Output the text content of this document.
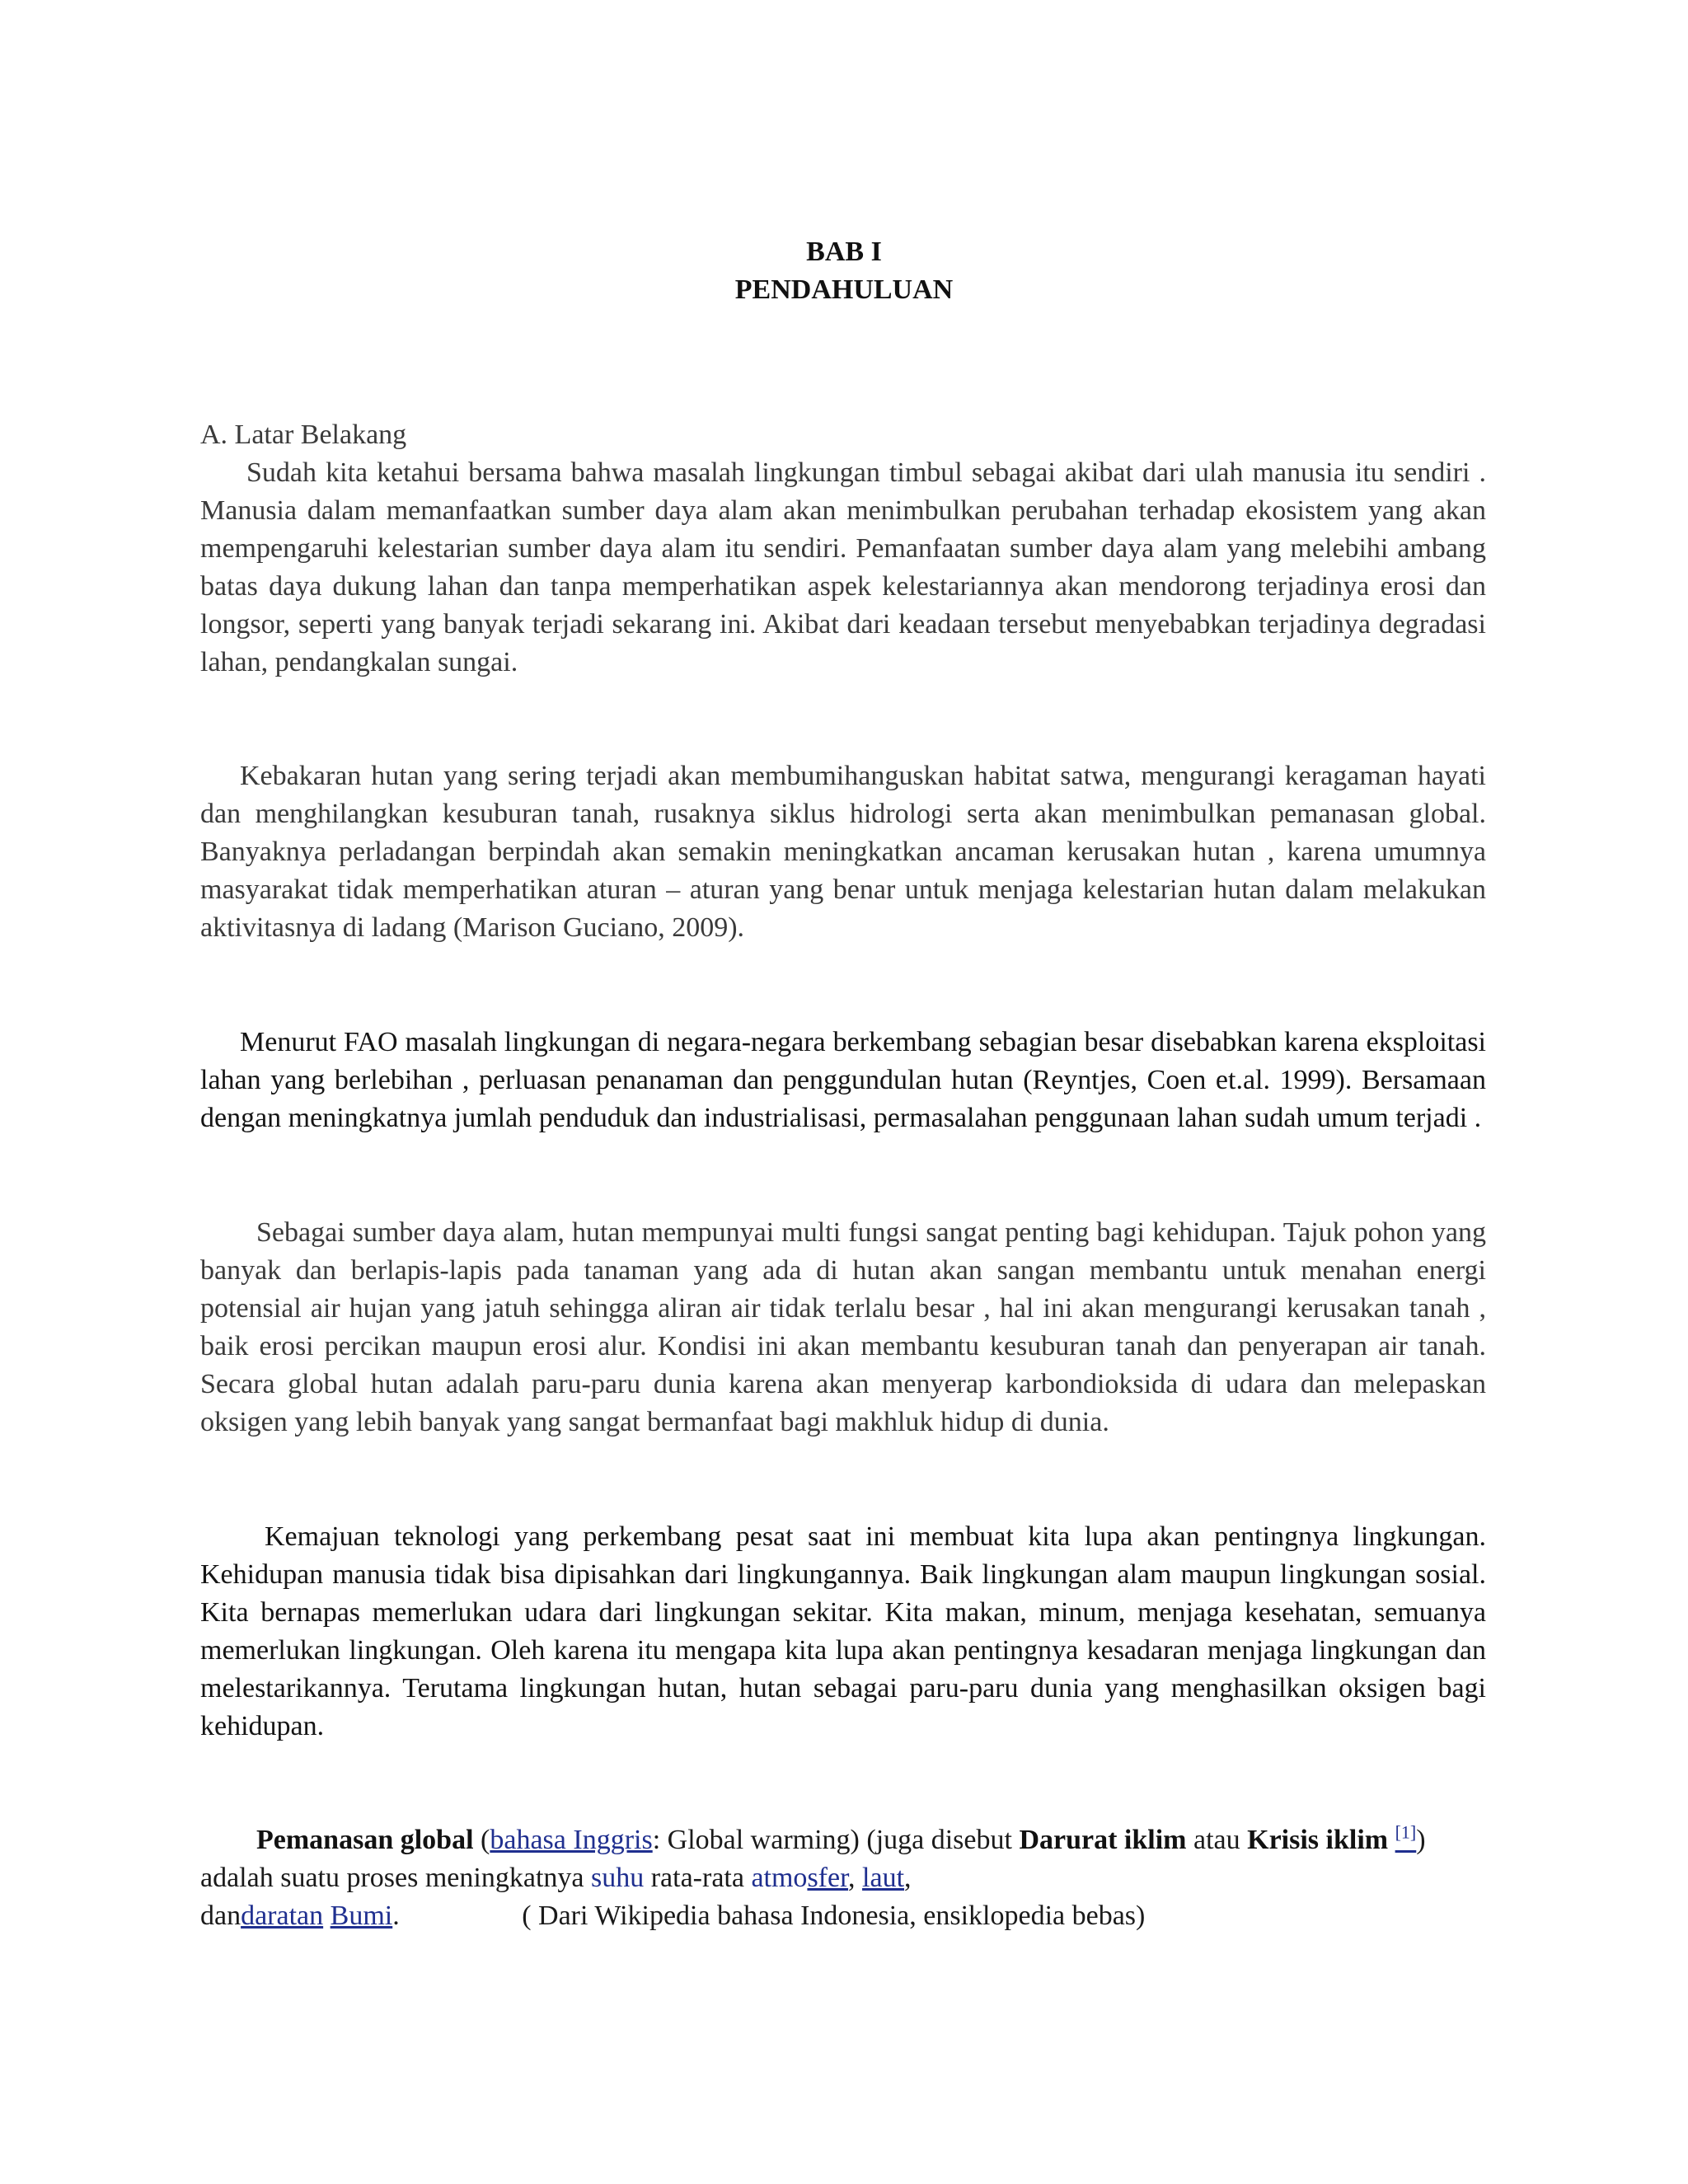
BAB I
PENDAHULUAN
A. Latar Belakang

Sudah kita ketahui bersama bahwa masalah lingkungan timbul sebagai akibat dari ulah manusia itu sendiri . Manusia dalam memanfaatkan sumber daya alam akan menimbulkan perubahan terhadap ekosistem yang akan mempengaruhi kelestarian sumber daya alam itu sendiri. Pemanfaatan sumber daya alam yang melebihi ambang batas daya dukung lahan dan tanpa memperhatikan aspek kelestariannya akan mendorong terjadinya erosi dan longsor, seperti yang banyak terjadi sekarang ini. Akibat dari keadaan tersebut menyebabkan terjadinya degradasi lahan, pendangkalan sungai.

Kebakaran hutan yang sering terjadi akan membumihanguskan habitat satwa, mengurangi keragaman hayati dan menghilangkan kesuburan tanah, rusaknya siklus hidrologi serta akan menimbulkan pemanasan global. Banyaknya perladangan berpindah akan semakin meningkatkan ancaman kerusakan hutan , karena umumnya masyarakat tidak memperhatikan aturan – aturan yang benar untuk menjaga kelestarian hutan dalam melakukan aktivitasnya di ladang (Marison Guciano, 2009).

Menurut FAO masalah lingkungan di negara-negara berkembang sebagian besar disebabkan karena eksploitasi lahan yang berlebihan , perluasan penanaman dan penggundulan hutan (Reyntjes, Coen et.al. 1999). Bersamaan dengan meningkatnya jumlah penduduk dan industrialisasi, permasalahan penggunaan lahan sudah umum terjadi .

Sebagai sumber daya alam, hutan mempunyai multi fungsi sangat penting bagi kehidupan. Tajuk pohon yang banyak dan berlapis-lapis pada tanaman yang ada di hutan akan sangan membantu untuk menahan energi potensial air hujan yang jatuh sehingga aliran air tidak terlalu besar , hal ini akan mengurangi kerusakan tanah , baik erosi percikan maupun erosi alur. Kondisi ini akan membantu kesuburan tanah dan penyerapan air tanah. Secara global hutan adalah paru-paru dunia karena akan menyerap karbondioksida di udara dan melepaskan oksigen yang lebih banyak yang sangat bermanfaat bagi makhluk hidup di dunia.

Kemajuan teknologi yang perkembang pesat saat ini membuat kita lupa akan pentingnya lingkungan. Kehidupan manusia tidak bisa dipisahkan dari lingkungannya. Baik lingkungan alam maupun lingkungan sosial. Kita bernapas memerlukan udara dari lingkungan sekitar. Kita makan, minum, menjaga kesehatan, semuanya memerlukan lingkungan. Oleh karena itu mengapa kita lupa akan pentingnya kesadaran menjaga lingkungan dan melestarikannya. Terutama lingkungan hutan, hutan sebagai paru-paru dunia yang menghasilkan oksigen bagi kehidupan.

Pemanasan global (bahasa Inggris: Global warming) (juga disebut Darurat iklim atau Krisis iklim [1]) adalah suatu proses meningkatnya suhu rata-rata atmosfer, laut,
dandaratan Bumi.	( Dari Wikipedia bahasa Indonesia, ensiklopedia bebas)
